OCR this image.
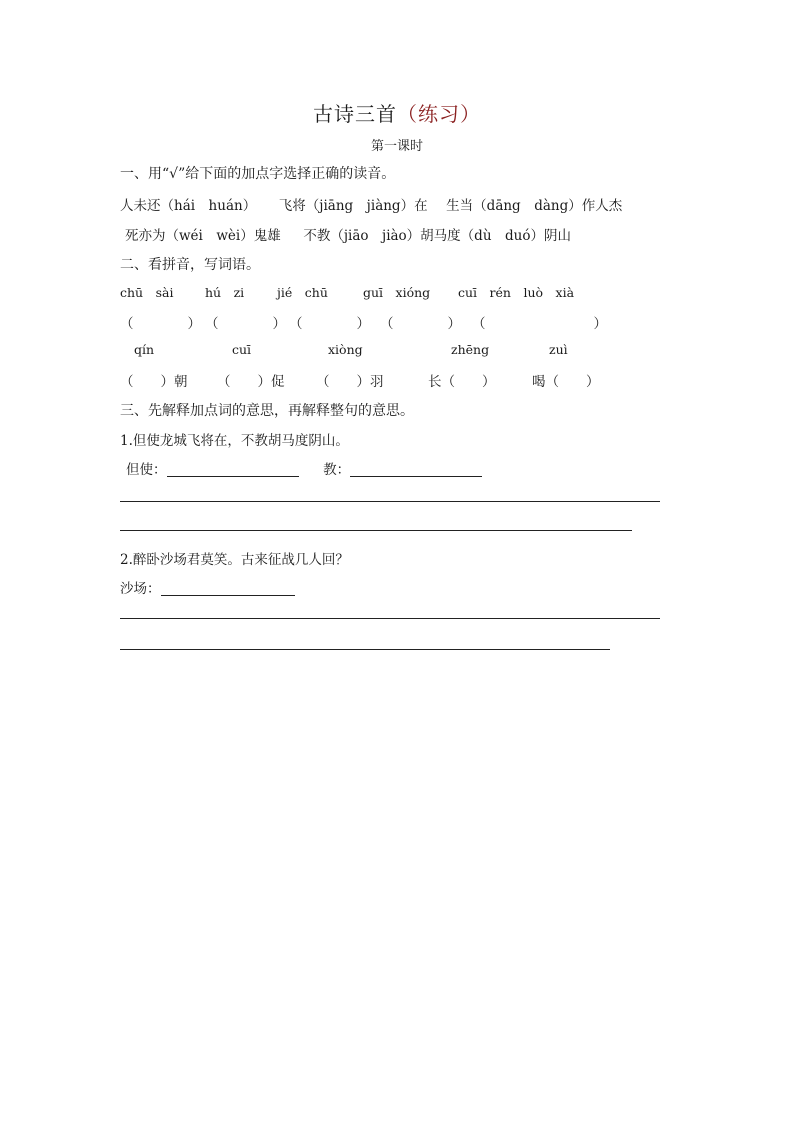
古诗三首（练习）
第一课时
一、用“√”给下面的加点字选择正确的读音。
人未还（hái　huán） 飞将（jiāng　jiàng）在 生当（dāng　dàng）作人杰
死亦为（wéi　wèi）鬼雄 不教（jiāo　jiào）胡马度（dù　duó）阴山
二、看拼音，写词语。
chū　sài	hú　zi	jié　chū	guī　xióng cuī　rén　luò　xià
（　　　　） （　　　　） （　　　　） （　　　　） （　　　　　　　　）
qín	cuī	xiòng	zhēng	zuì
（　　）朝 （　　）促 （　　）羽	长（　　）	喝（　　）
三、先解释加点词的意思，再解释整句的意思。
1.但使龙城飞将在，不教胡马度阴山。
但使：	教：
2.醉卧沙场君莫笑。古来征战几人回？
沙场：
